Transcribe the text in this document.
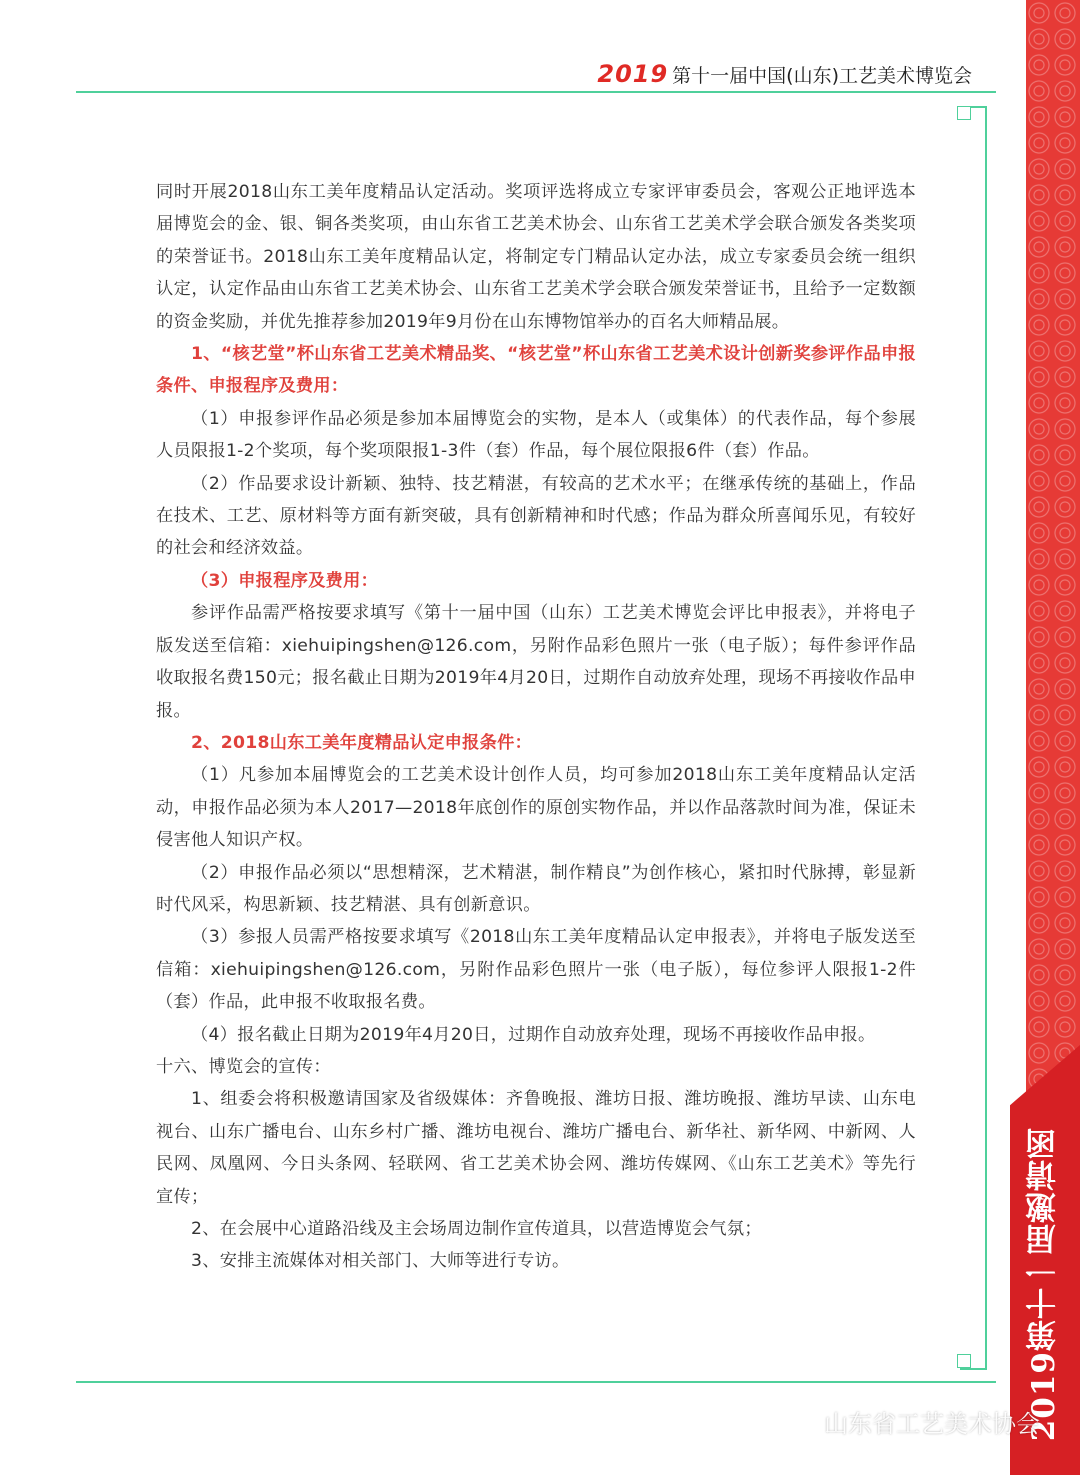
2019第十一届邀请函
2019 第十一届中国(山东)工艺美术博览会

同时开展2018山东工美年度精品认定活动。奖项评选将成立专家评审委员会，客观公正地评选本届博览会的金、银、铜各类奖项，由山东省工艺美术协会、山东省工艺美术学会联合颁发各类奖项的荣誉证书。2018山东工美年度精品认定，将制定专门精品认定办法，成立专家委员会统一组织认定，认定作品由山东省工艺美术协会、山东省工艺美术学会联合颁发荣誉证书，且给予一定数额的资金奖励，并优先推荐参加2019年9月份在山东博物馆举办的百名大师精品展。

1、“核艺堂”杯山东省工艺美术精品奖、“核艺堂”杯山东省工艺美术设计创新奖参评作品申报条件、申报程序及费用：

（1）申报参评作品必须是参加本届博览会的实物，是本人（或集体）的代表作品，每个参展人员限报1-2个奖项，每个奖项限报1-3件（套）作品，每个展位限报6件（套）作品。

（2）作品要求设计新颖、独特、技艺精湛，有较高的艺术水平；在继承传统的基础上，作品在技术、工艺、原材料等方面有新突破，具有创新精神和时代感；作品为群众所喜闻乐见，有较好的社会和经济效益。

（3）申报程序及费用：

参评作品需严格按要求填写《第十一届中国（山东）工艺美术博览会评比申报表》，并将电子版发送至信箱：xiehuipingshen@126.com，另附作品彩色照片一张（电子版）；每件参评作品收取报名费150元；报名截止日期为2019年4月20日，过期作自动放弃处理，现场不再接收作品申报。

2、2018山东工美年度精品认定申报条件：

（1）凡参加本届博览会的工艺美术设计创作人员，均可参加2018山东工美年度精品认定活动，申报作品必须为本人2017—2018年底创作的原创实物作品，并以作品落款时间为准，保证未侵害他人知识产权。

（2）申报作品必须以“思想精深，艺术精湛，制作精良”为创作核心，紧扣时代脉搏，彰显新时代风采，构思新颖、技艺精湛、具有创新意识。

（3）参报人员需严格按要求填写《2018山东工美年度精品认定申报表》，并将电子版发送至信箱：xiehuipingshen@126.com，另附作品彩色照片一张（电子版），每位参评人限报1-2件（套）作品，此申报不收取报名费。

（4）报名截止日期为2019年4月20日，过期作自动放弃处理，现场不再接收作品申报。

十六、博览会的宣传：

1、组委会将积极邀请国家及省级媒体：齐鲁晚报、潍坊日报、潍坊晚报、潍坊早读、山东电视台、山东广播电台、山东乡村广播、潍坊电视台、潍坊广播电台、新华社、新华网、中新网、人民网、凤凰网、今日头条网、轻联网、省工艺美术协会网、潍坊传媒网、《山东工艺美术》等先行宣传；

2、在会展中心道路沿线及主会场周边制作宣传道具，以营造博览会气氛；

3、安排主流媒体对相关部门、大师等进行专访。

山东省工艺美术协会
